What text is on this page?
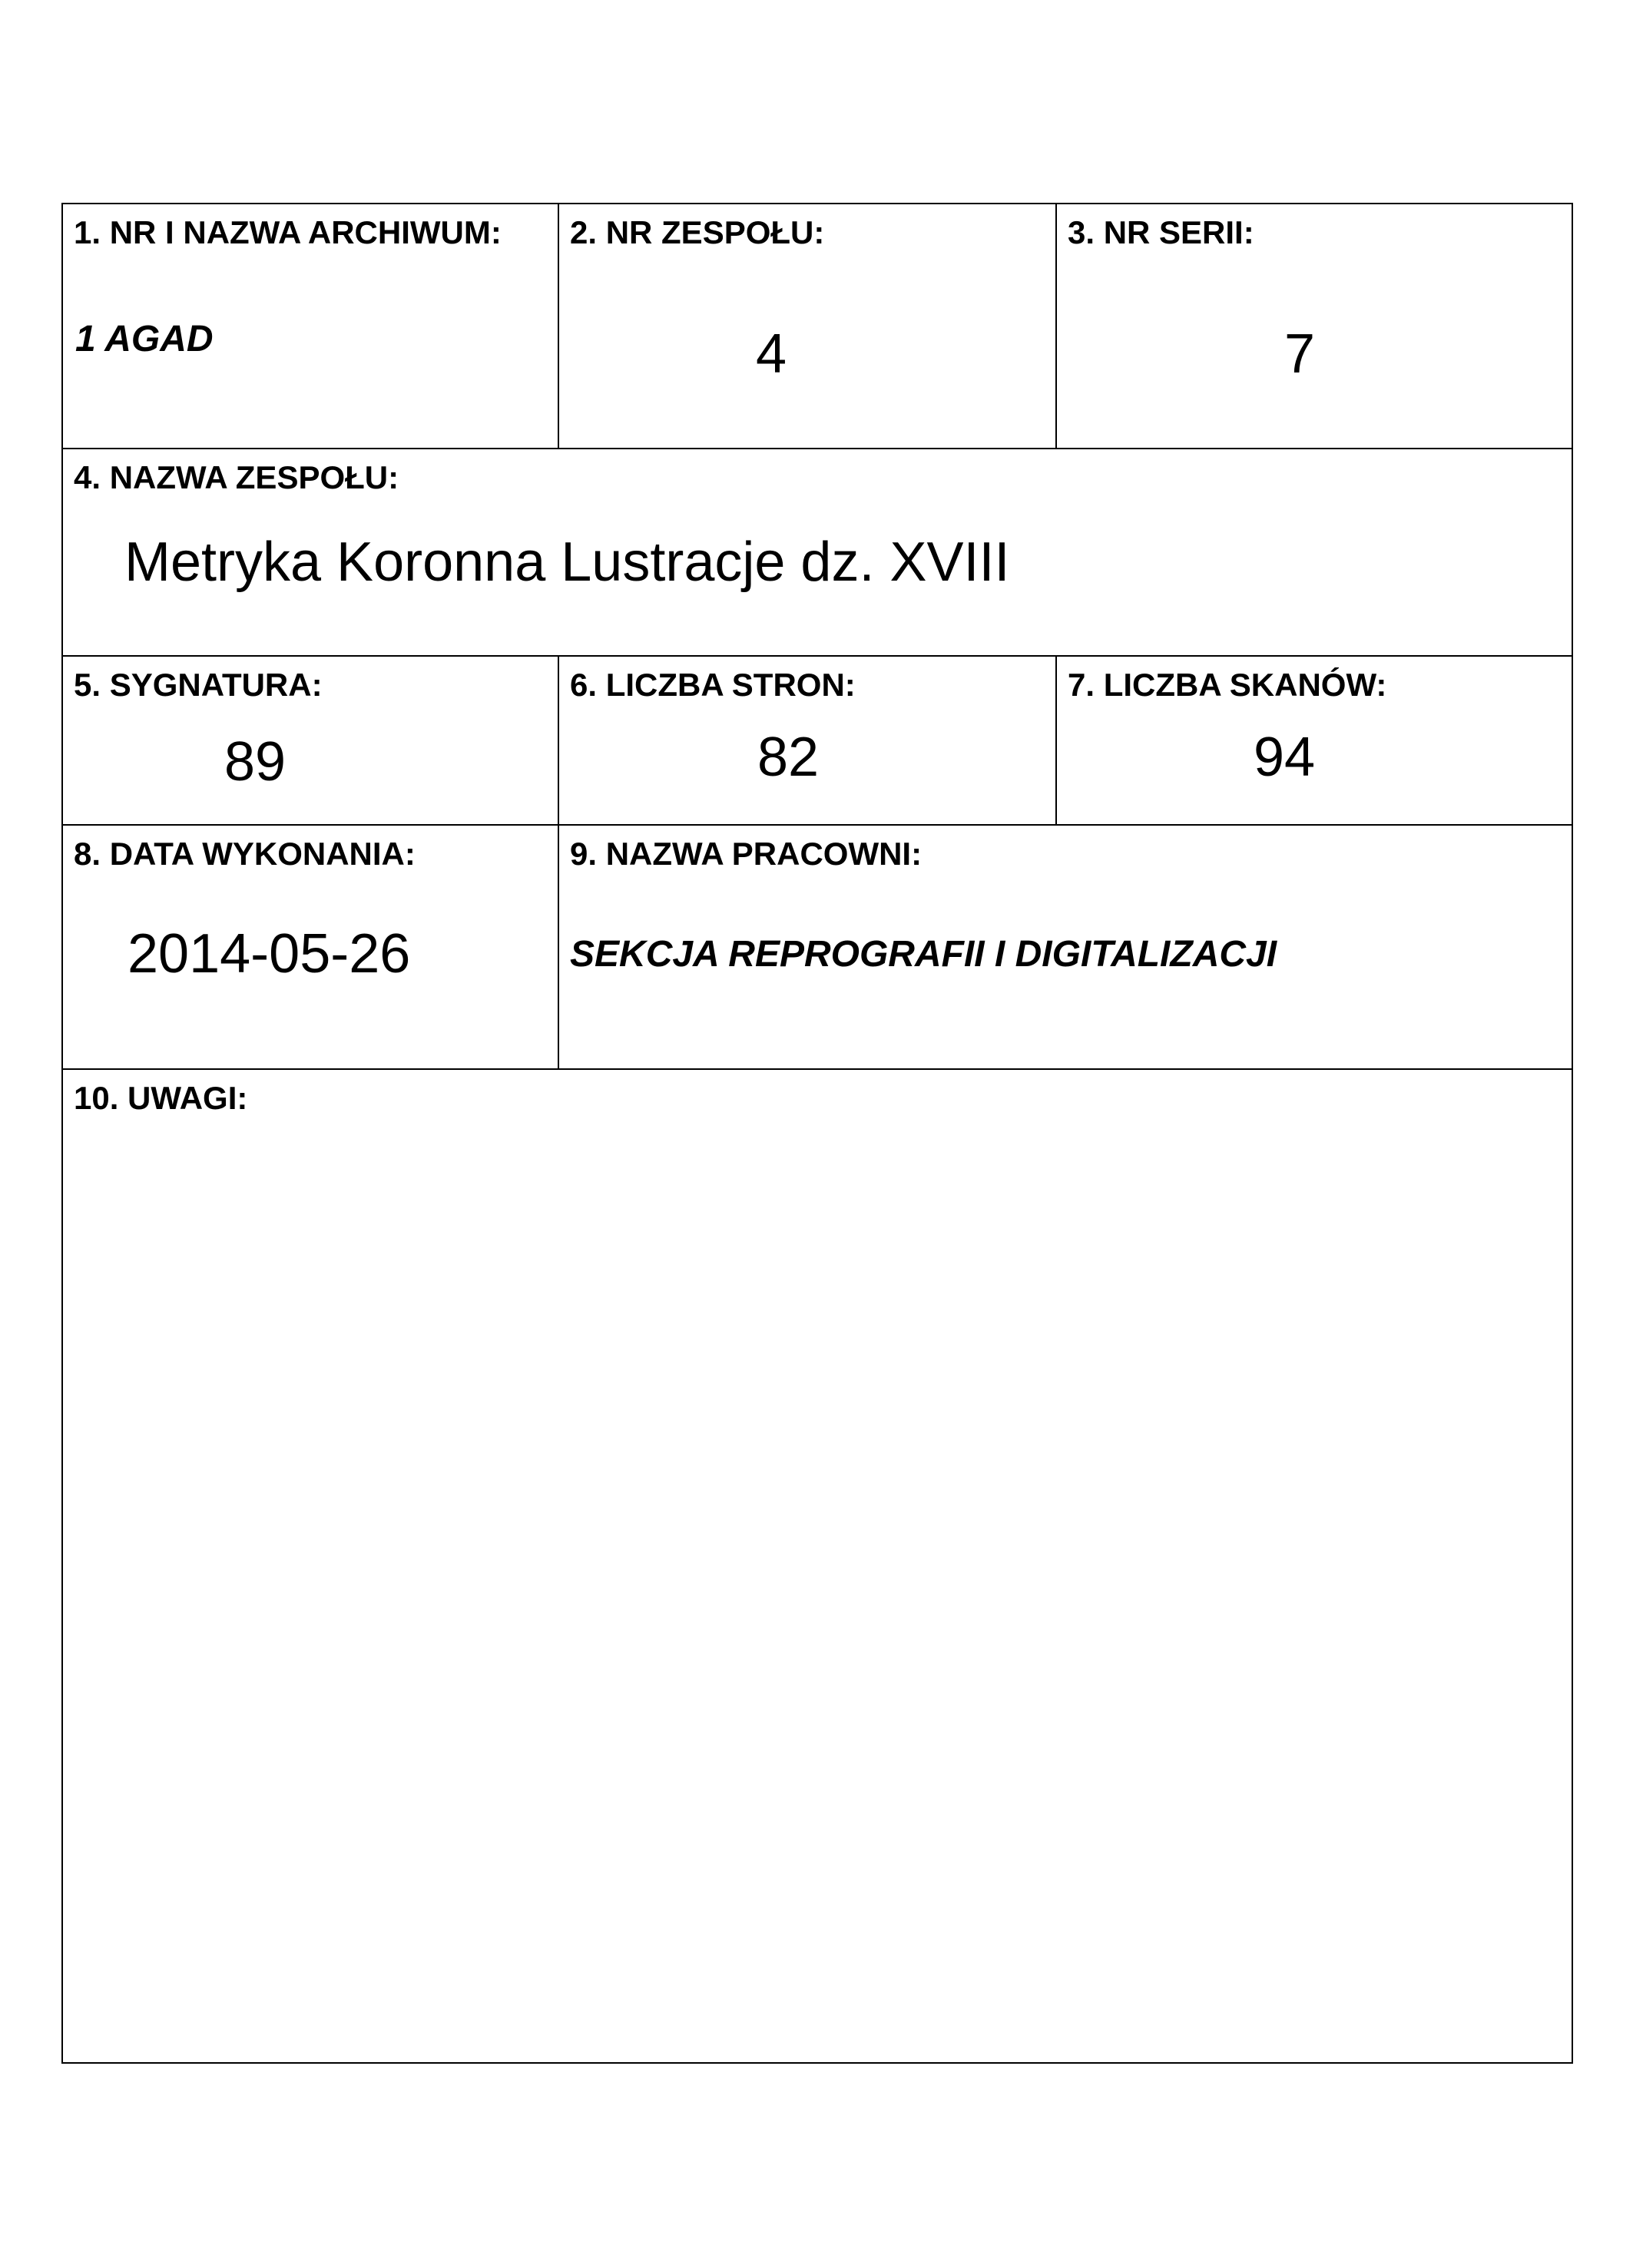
1. NR I NAZWA ARCHIWUM:
1 AGAD
2. NR ZESPOŁU:
4
3. NR SERII:
7
4. NAZWA ZESPOŁU:
Metryka Koronna Lustracje dz. XVIII
5. SYGNATURA:
89
6. LICZBA STRON:
82
7. LICZBA SKANÓW:
94
8. DATA WYKONANIA:
2014-05-26
9. NAZWA PRACOWNI:
SEKCJA REPROGRAFII I DIGITALIZACJI
10. UWAGI:
